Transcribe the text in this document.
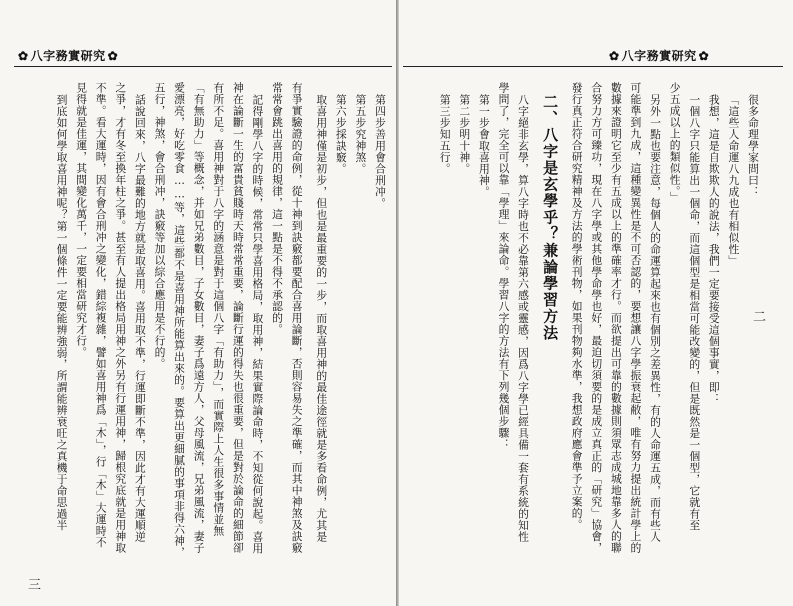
✿ 八字務實研究 ✿
二

很多命理學家問曰：

「這些人命運八九成也有相似性」

我想，這是自欺欺人的說法，我們一定要接受這個事實，即：

一個八字只能算出一個命，而這個型是相當可能改變的，但是既然是一個型，它就有至

少五成以上的類似性。」

另外一點也要注意，每個人的命運算起來也有個別之差異性，有的人命運五成，而有些人

可能準到九成，這種變異性是不可否認的，要想讓八字學振衰起敝，唯有努力提出統計學上的

數據來證明它至少有五成以上的準確率才行。而欲提出可靠的數據則須眾志成城地靠多人的聯

合努力方可臻功，現在八字學或其他學命學也好，最迫切須要的是成立真正的「研究」協會，

發行真正符合研究精神及方法的學術刊物，如果刊物夠水準，我想政府應會準予立案的。

二、八字是玄學乎？兼論學習方法

八字絕非玄學，算八字時也不必靠第六感或靈感，因爲八字學已經具備一套有系統的知性

學問了，完全可以靠「學理」來論命。學習八字的方法有下列幾個步驟：

第一步會取喜用神。

第二步明十神。

第三步知五行。

✿ 八字務實研究 ✿
三

第四步善用會合刑冲。

第五步究神煞。

第六步採訣竅。

取喜用神僅是初步，但也是最重要的一步，而取喜用神的最佳途徑就是多看命例，尤其是

有爭實驗證的命例，從十神到訣竅都要配合喜用論斷，否則容易失之準確，而其中神煞及訣竅

常常會跳出喜用的規律，這一點是不得不承認的。

記得剛學八字的時候，常常只學喜用格局，取用神，結果實際論命時，不知從何說起。喜用

神在論斷一生的富貴貧賤時天時常常重要，論斷行運的得失也很重要，但是對於論命的細節卻

有所不足。喜用神對于八字的涵意是對于這個八字「有助力」，而實際上人生很多事情並無

「有無助力」等概念，并如兄弟數目，子女數目，妻子爲遠方人，父母風流，兄弟風流，妻子

愛漂亮，好吃零食……等，這些都不是喜用神所能算出來的。要算出更細膩的事項非得六神，

五行，神煞，會合刑冲，訣竅等加以綜合應用是不行的。

話說回來，八字最難的地方就是取喜用。喜用取不準，行運即斷不準，因此才有大運順逆

之爭，才有冬至換年柱之爭。甚至有人提出格局用神之外另有行運用神，歸根究底就是用神取

不準。看大運時，因有會合刑冲之變化，錯綜複雜，譬如喜用神爲「木」，行「木」大運時不

見得就是佳運，其間變化萬千，一定要相當研究才行。

到底如何學取喜用神呢？第一個條件一定要能辨強弱，所謂能辨衰旺之真機于命思過半
